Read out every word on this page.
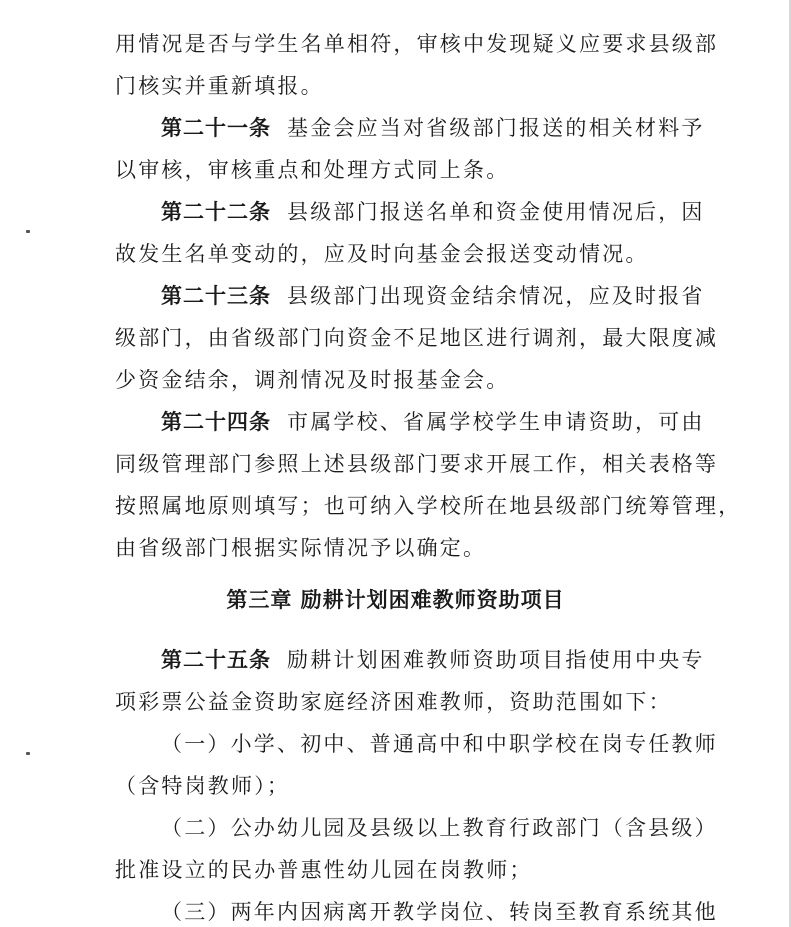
用情况是否与学生名单相符，审核中发现疑义应要求县级部
门核实并重新填报。
第二十一条 基金会应当对省级部门报送的相关材料予
以审核，审核重点和处理方式同上条。
第二十二条 县级部门报送名单和资金使用情况后，因
故发生名单变动的，应及时向基金会报送变动情况。
第二十三条 县级部门出现资金结余情况，应及时报省
级部门，由省级部门向资金不足地区进行调剂，最大限度减
少资金结余，调剂情况及时报基金会。
第二十四条 市属学校、省属学校学生申请资助，可由
同级管理部门参照上述县级部门要求开展工作，相关表格等
按照属地原则填写；也可纳入学校所在地县级部门统筹管理，
由省级部门根据实际情况予以确定。
第三章 励耕计划困难教师资助项目
第二十五条 励耕计划困难教师资助项目指使用中央专
项彩票公益金资助家庭经济困难教师，资助范围如下：
（一）小学、初中、普通高中和中职学校在岗专任教师
（含特岗教师）；
（二）公办幼儿园及县级以上教育行政部门（含县级）
批准设立的民办普惠性幼儿园在岗教师；
（三）两年内因病离开教学岗位、转岗至教育系统其他
